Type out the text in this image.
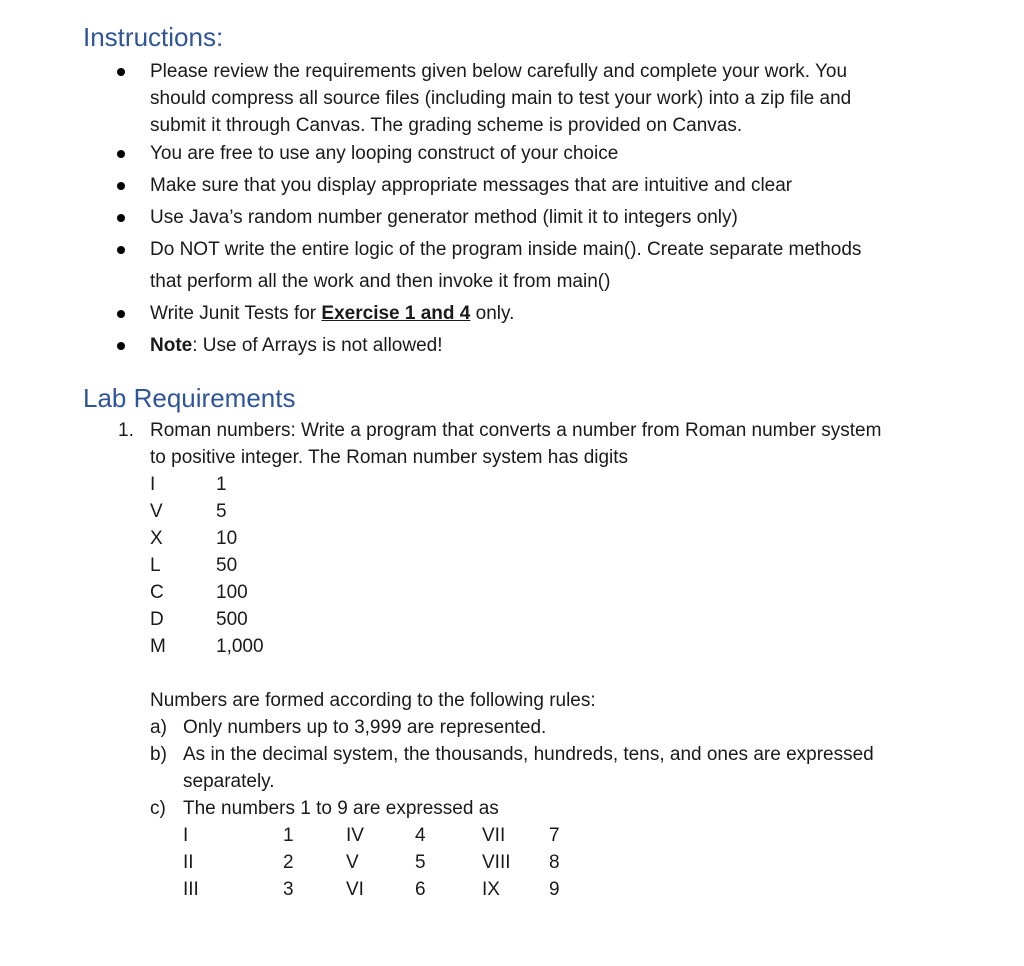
Instructions:
Please review the requirements given below carefully and complete your work. You
should compress all source files (including main to test your work) into a zip file and
submit it through Canvas. The grading scheme is provided on Canvas.
You are free to use any looping construct of your choice
Make sure that you display appropriate messages that are intuitive and clear
Use Java’s random number generator method (limit it to integers only)
Do NOT write the entire logic of the program inside main(). Create separate methods
that perform all the work and then invoke it from main()
Write Junit Tests for Exercise 1 and 4 only.
Note: Use of Arrays is not allowed!
Lab Requirements
1. Roman numbers: Write a program that converts a number from Roman number system
to positive integer. The Roman number system has digits
I	1
V	5
X	10
L	50
C	100
D	500
M	1,000
Numbers are formed according to the following rules:
a) Only numbers up to 3,999 are represented.
b) As in the decimal system, the thousands, hundreds, tens, and ones are expressed
separately.
c) The numbers 1 to 9 are expressed as
I	1	IV	4	VII 7
II	2	V	5	VIII 8
III	3	VI	6	IX	9
